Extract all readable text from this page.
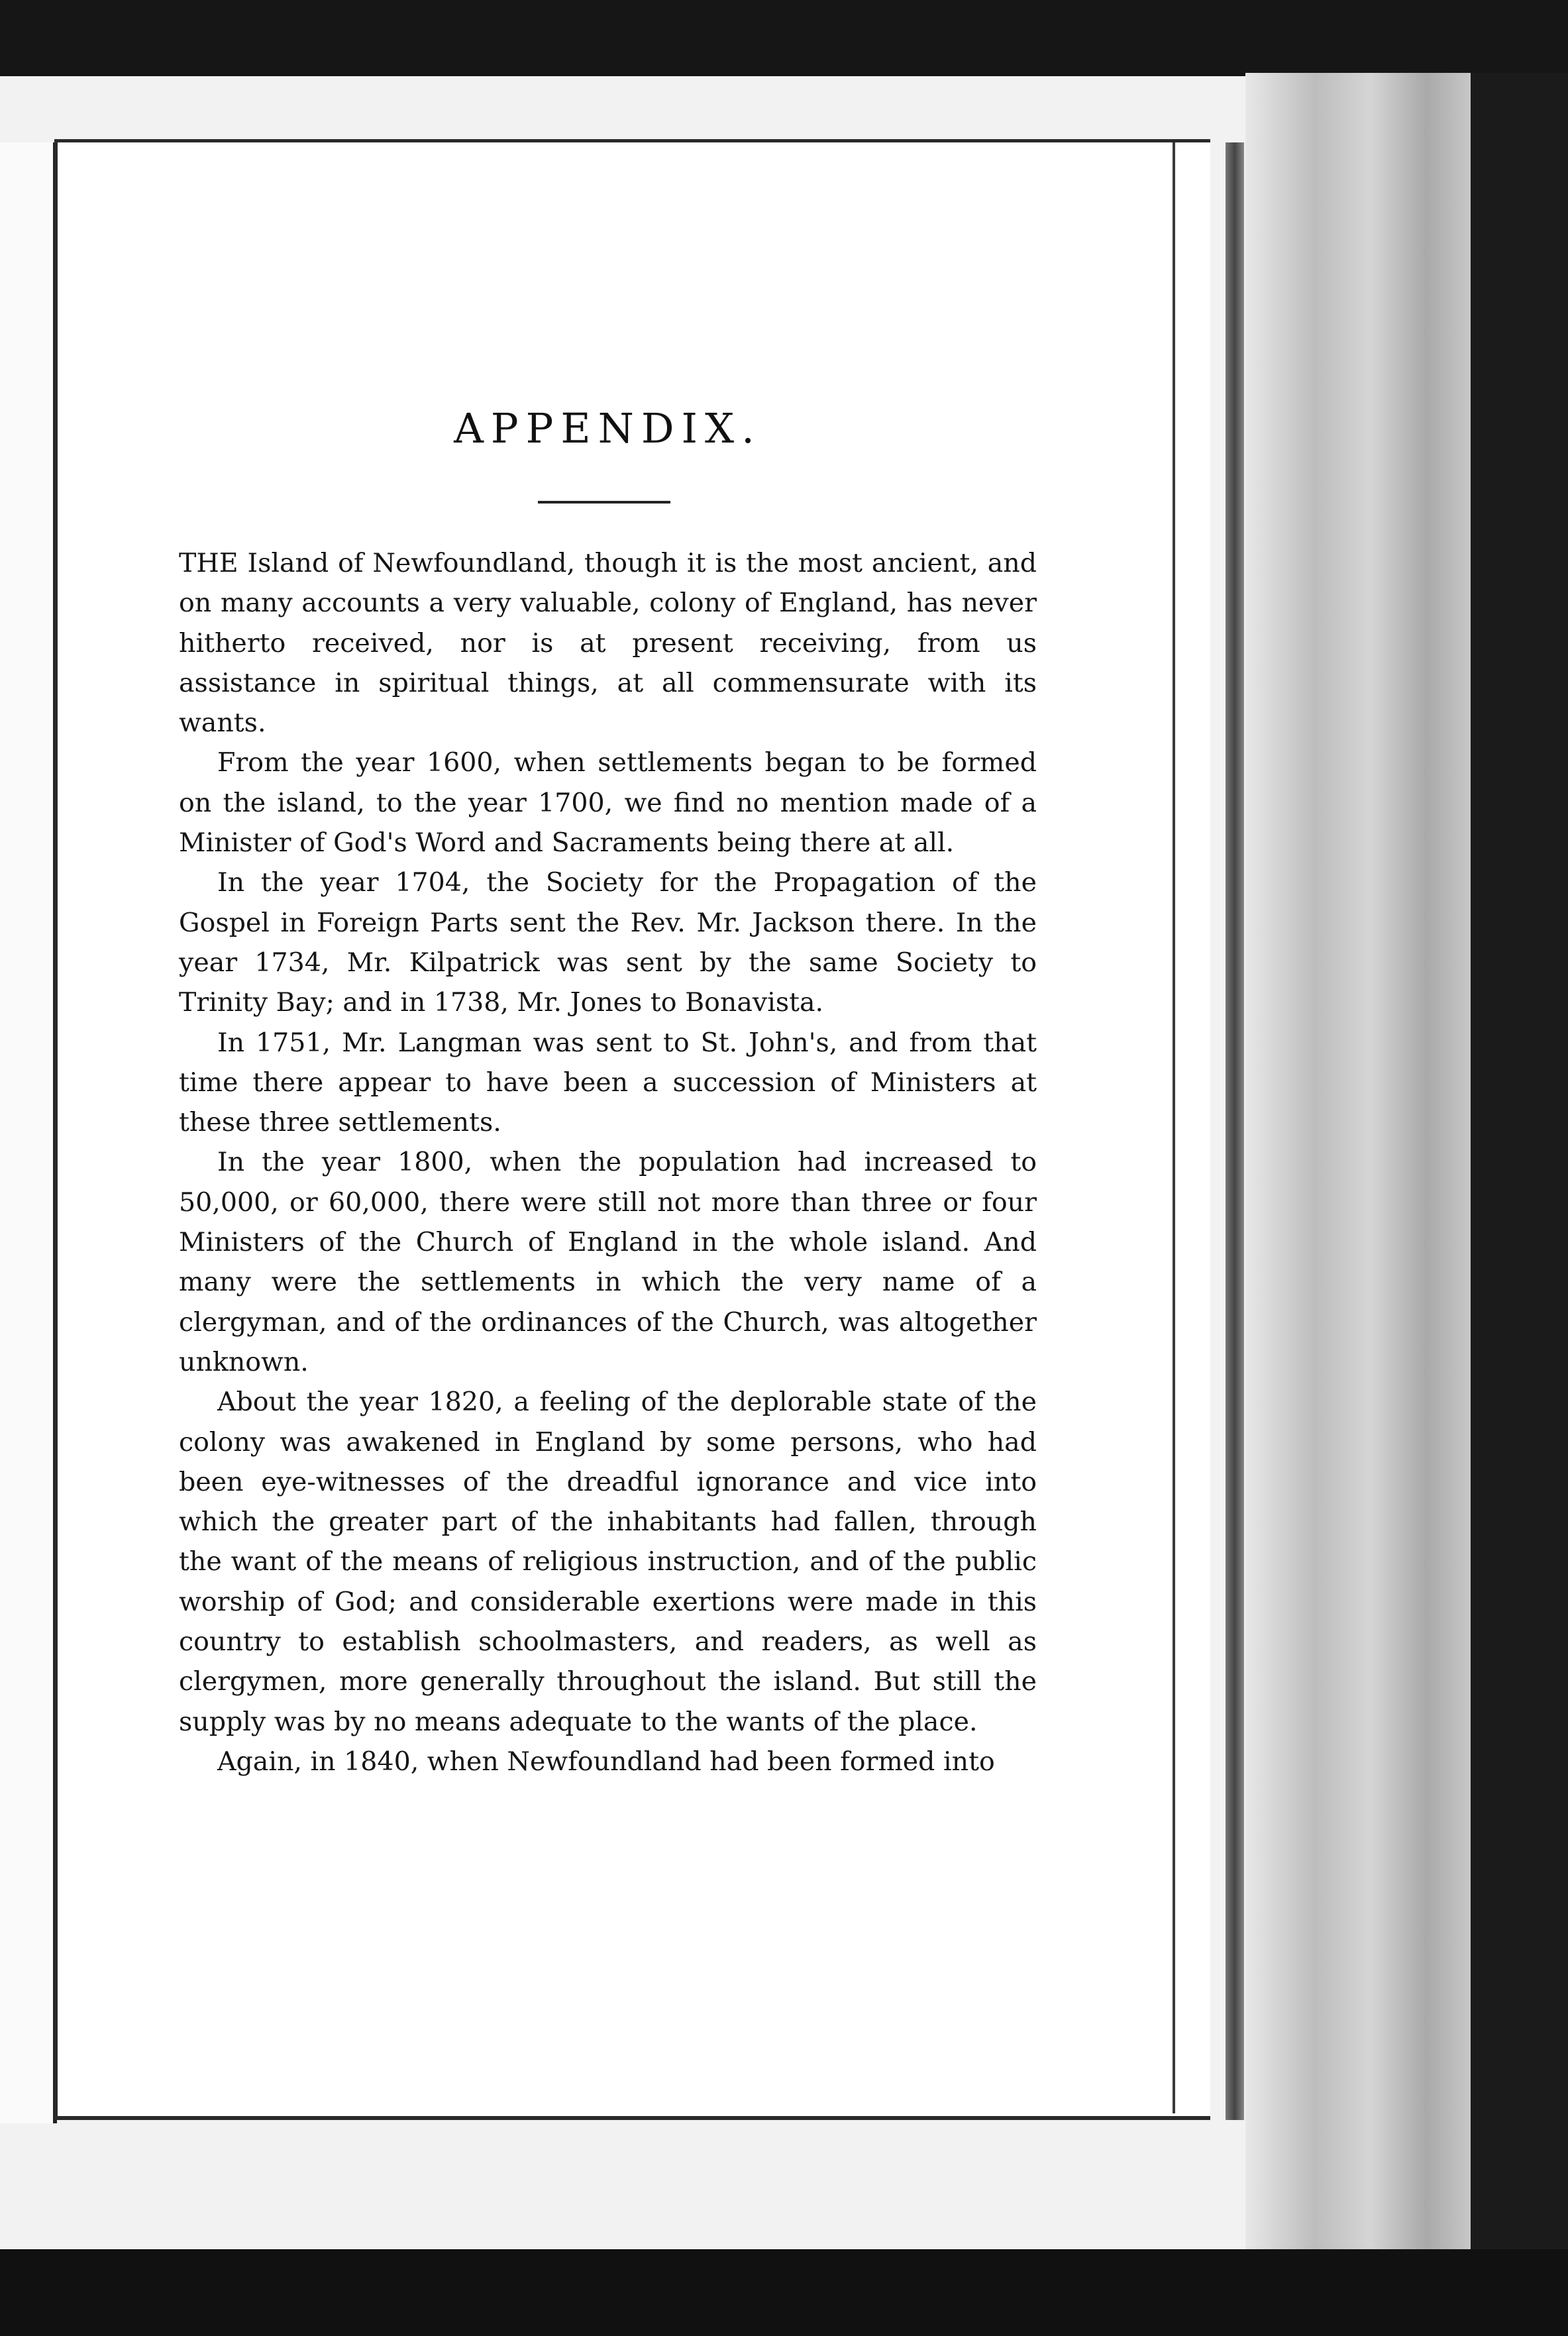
APPENDIX.

THE Island of Newfoundland, though it is the most ancient, and on many accounts a very valuable, colony of England, has never hitherto received, nor is at present receiving, from us assistance in spiritual things, at all commensurate with its wants.

From the year 1600, when settlements began to be formed on the island, to the year 1700, we find no mention made of a Minister of God's Word and Sacraments being there at all.

In the year 1704, the Society for the Propagation of the Gospel in Foreign Parts sent the Rev. Mr. Jackson there. In the year 1734, Mr. Kilpatrick was sent by the same Society to Trinity Bay; and in 1738, Mr. Jones to Bonavista.

In 1751, Mr. Langman was sent to St. John's, and from that time there appear to have been a succession of Ministers at these three settlements.

In the year 1800, when the population had increased to 50,000, or 60,000, there were still not more than three or four Ministers of the Church of England in the whole island. And many were the settlements in which the very name of a clergyman, and of the ordinances of the Church, was altogether unknown.

About the year 1820, a feeling of the deplorable state of the colony was awakened in England by some persons, who had been eye-witnesses of the dreadful ignorance and vice into which the greater part of the inhabitants had fallen, through the want of the means of religious instruction, and of the public worship of God; and considerable exertions were made in this country to establish schoolmasters, and readers, as well as clergymen, more generally throughout the island. But still the supply was by no means adequate to the wants of the place.

Again, in 1840, when Newfoundland had been formed into
